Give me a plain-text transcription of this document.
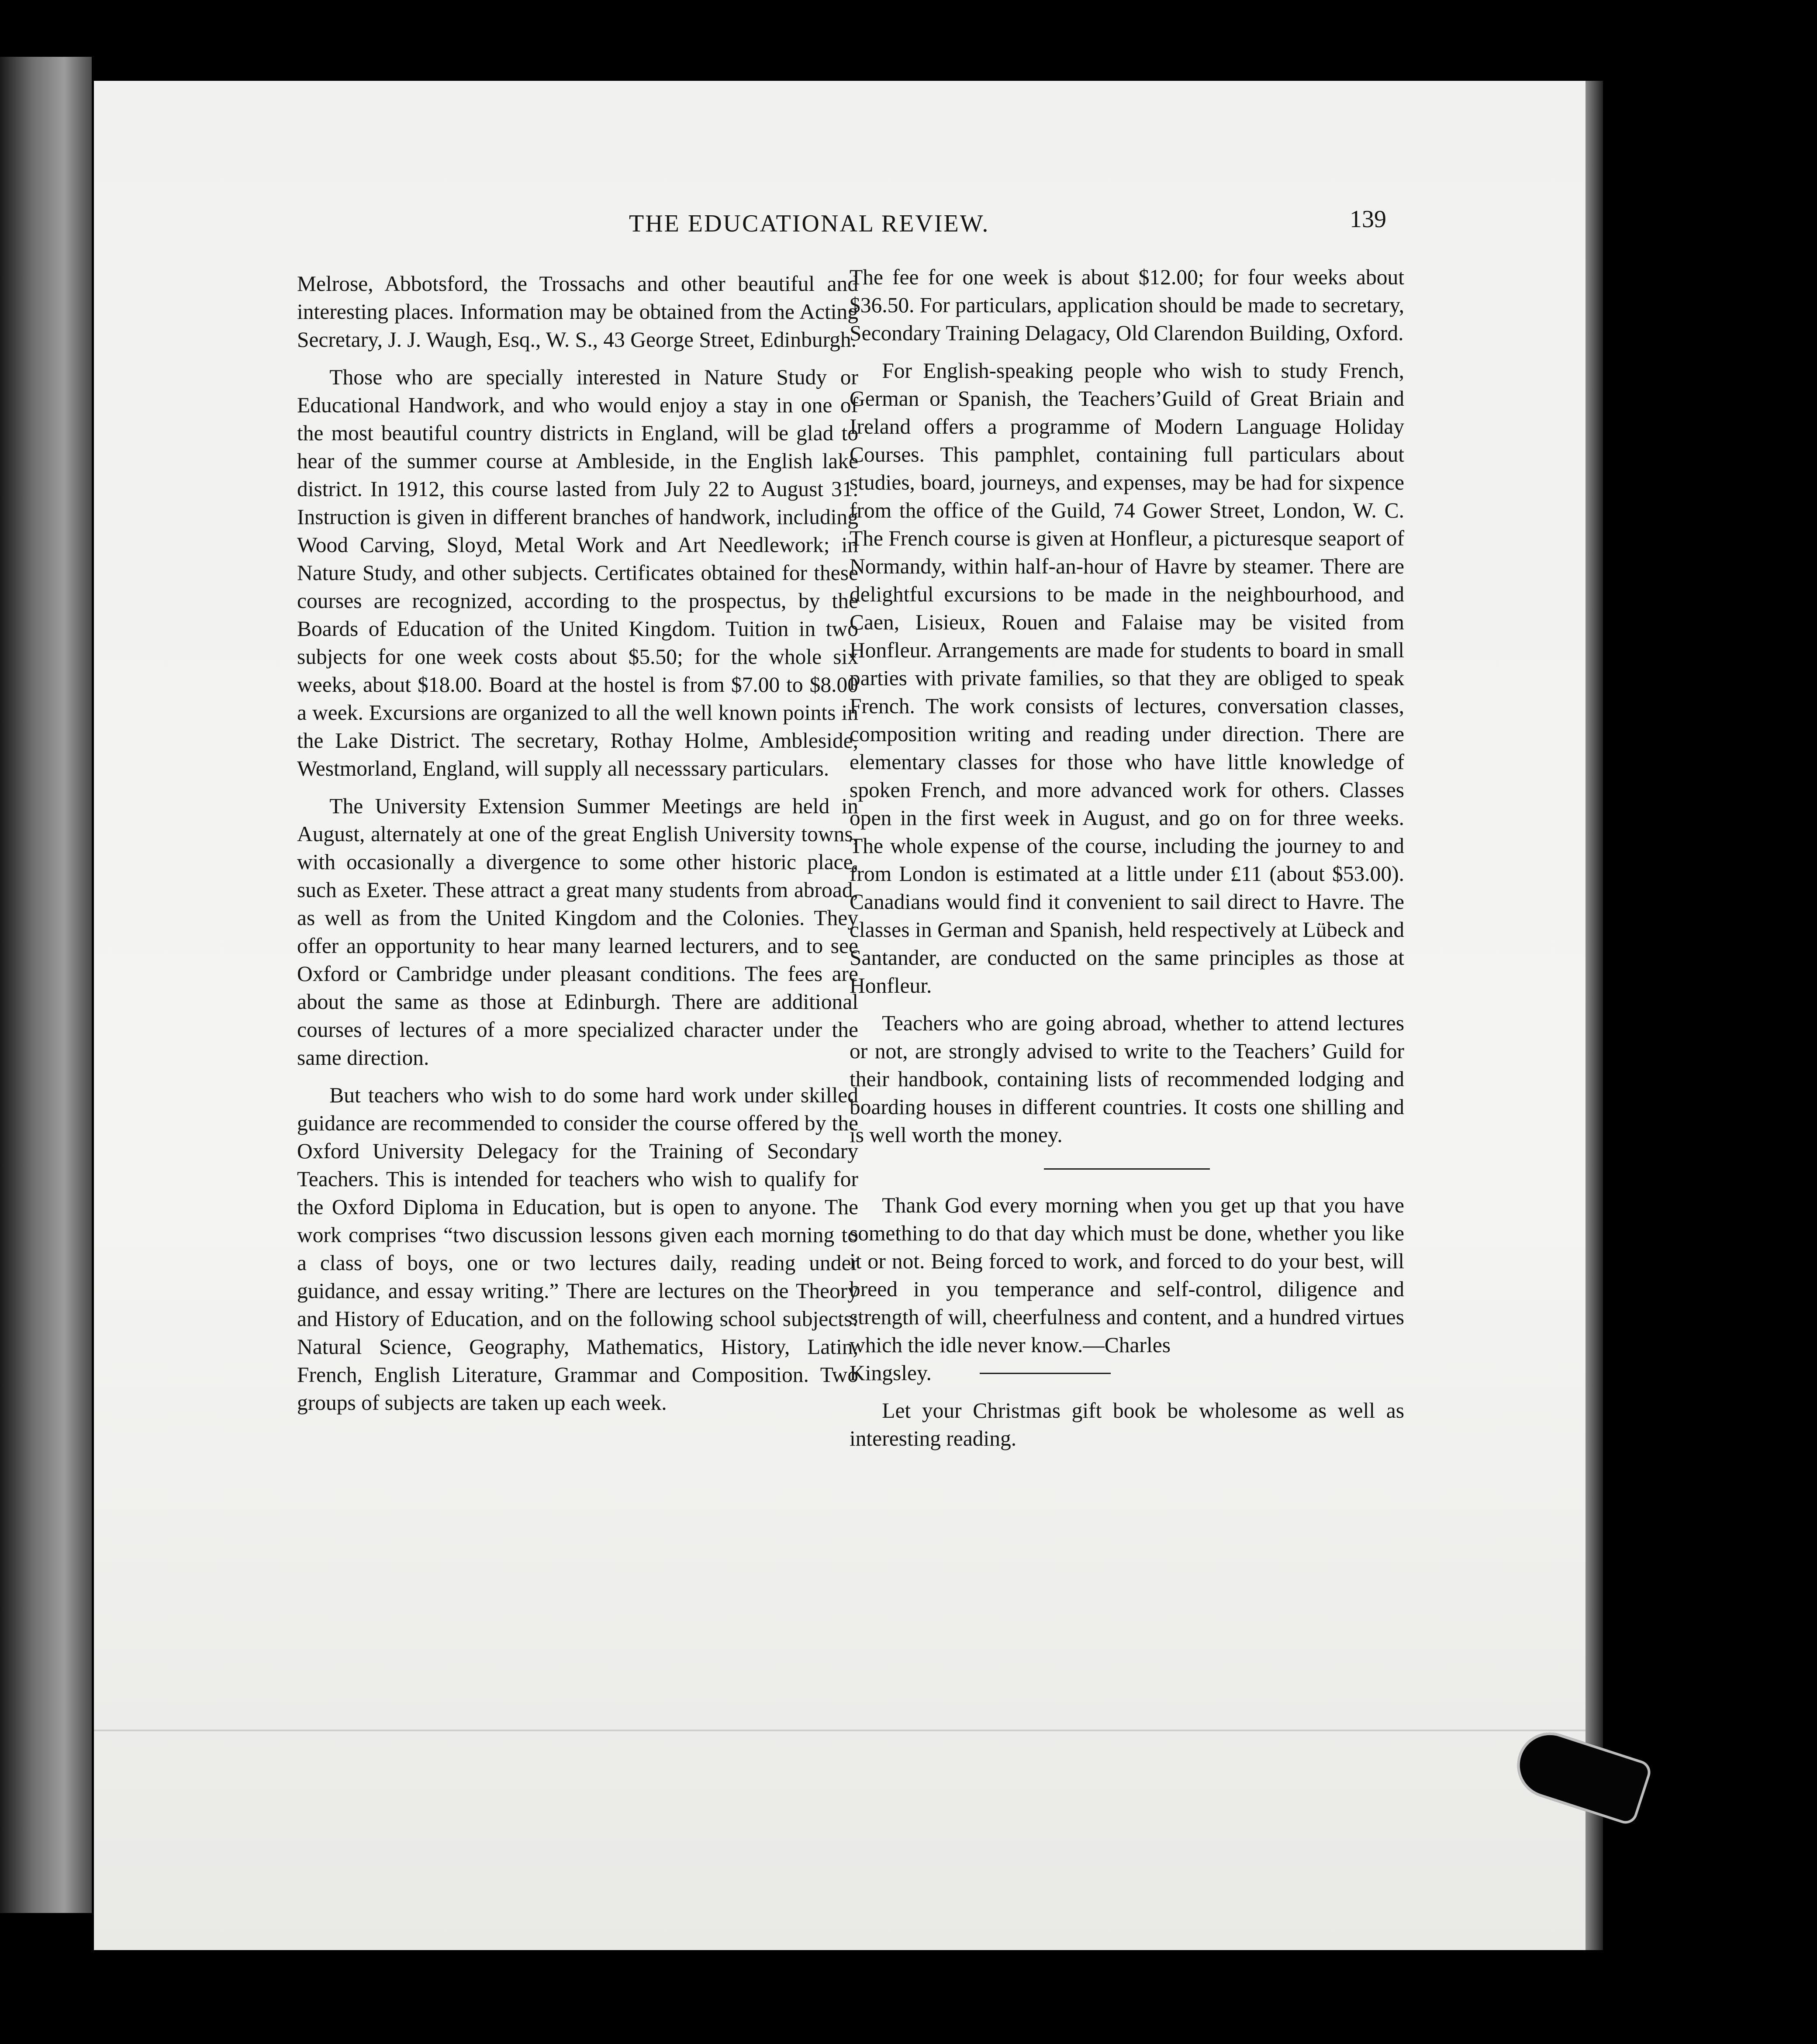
THE EDUCATIONAL REVIEW.	139

Melrose, Abbotsford, the Trossachs and other beautiful and interesting places. Information may be obtained from the Acting Secretary, J. J. Waugh, Esq., W. S., 43 George Street, Edinburgh.

Those who are specially interested in Nature Study or Educational Handwork, and who would enjoy a stay in one of the most beautiful country districts in England, will be glad to hear of the summer course at Ambleside, in the English lake district. In 1912, this course lasted from July 22 to August 31. Instruction is given in different branches of handwork, including Wood Carving, Sloyd, Metal Work and Art Needlework; in Nature Study, and other subjects. Certificates obtained for these courses are recognized, according to the prospectus, by the Boards of Education of the United Kingdom. Tuition in two subjects for one week costs about $5.50; for the whole six weeks, about $18.00. Board at the hostel is from $7.00 to $8.00 a week. Excursions are organized to all the well known points in the Lake District. The secretary, Rothay Holme, Ambleside, Westmorland, England, will supply all necesssary particulars.

The University Extension Summer Meetings are held in August, alternately at one of the great English University towns, with occasionally a divergence to some other historic place, such as Exeter. These attract a great many students from abroad, as well as from the United Kingdom and the Colonies. They offer an opportunity to hear many learned lecturers, and to see Oxford or Cambridge under pleasant conditions. The fees are about the same as those at Edinburgh. There are additional courses of lectures of a more specialized character under the same direction.

But teachers who wish to do some hard work under skilled guidance are recommended to consider the course offered by the Oxford University Delegacy for the Training of Secondary Teachers. This is intended for teachers who wish to qualify for the Oxford Diploma in Education, but is open to anyone. The work comprises “two discussion lessons given each morning to a class of boys, one or two lectures daily, reading under guidance, and essay writing.” There are lectures on the Theory and History of Education, and on the following school subjects: Natural Science, Geography, Mathematics, History, Latin, French, English Literature, Grammar and Composition. Two groups of subjects are taken up each week.

The fee for one week is about $12.00; for four weeks about $36.50. For particulars, application should be made to secretary, Secondary Training Delagacy, Old Clarendon Building, Oxford.

For English-speaking people who wish to study French, German or Spanish, the Teachers’Guild of Great Briain and Ireland offers a programme of Modern Language Holiday Courses. This pamphlet, containing full particulars about studies, board, journeys, and expenses, may be had for sixpence from the office of the Guild, 74 Gower Street, London, W. C. The French course is given at Honfleur, a picturesque seaport of Normandy, within half-an-hour of Havre by steamer. There are delightful excursions to be made in the neighbourhood, and Caen, Lisieux, Rouen and Falaise may be visited from Honfleur. Arrangements are made for students to board in small parties with private families, so that they are obliged to speak French. The work consists of lectures, conversation classes, composition writing and reading under direction. There are elementary classes for those who have little knowledge of spoken French, and more advanced work for others. Classes open in the first week in August, and go on for three weeks. The whole expense of the course, including the journey to and from London is estimated at a little under £11 (about $53.00). Canadians would find it convenient to sail direct to Havre. The classes in German and Spanish, held respectively at Lübeck and Santander, are conducted on the same principles as those at Honfleur.

Teachers who are going abroad, whether to attend lectures or not, are strongly advised to write to the Teachers’ Guild for their handbook, containing lists of recommended lodging and boarding houses in different countries. It costs one shilling and is well worth the money.

Thank God every morning when you get up that you have something to do that day which must be done, whether you like it or not. Being forced to work, and forced to do your best, will breed in you temperance and self-control, diligence and strength of will, cheerfulness and content, and a hundred virtues which the idle never know.—Charles

Kingsley.

Let your Christmas gift book be wholesome as well as interesting reading.
